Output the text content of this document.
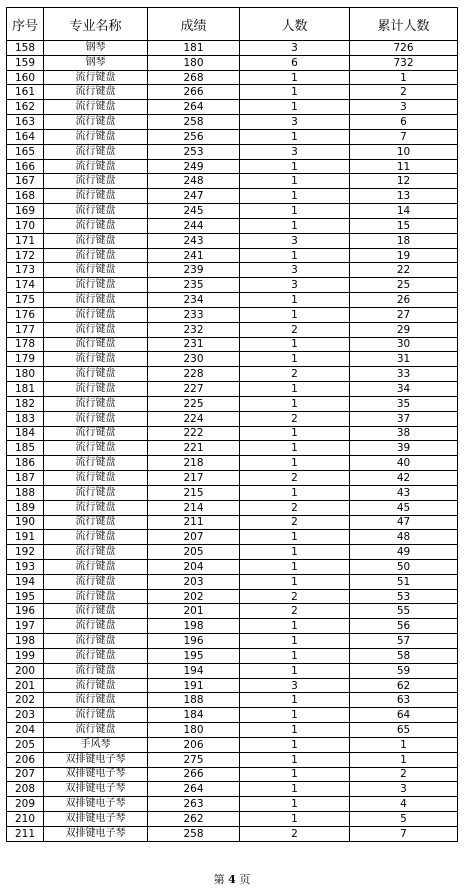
序号	专业名称	成绩	人数	累计人数
158	钢琴	181	3	726
159	钢琴	180	6	732
160	流行键盘	268	1	1
161	流行键盘	266	1	2
162	流行键盘	264	1	3
163	流行键盘	258	3	6
164	流行键盘	256	1	7
165	流行键盘	253	3	10
166	流行键盘	249	1	11
167	流行键盘	248	1	12
168	流行键盘	247	1	13
169	流行键盘	245	1	14
170	流行键盘	244	1	15
171	流行键盘	243	3	18
172	流行键盘	241	1	19
173	流行键盘	239	3	22
174	流行键盘	235	3	25
175	流行键盘	234	1	26
176	流行键盘	233	1	27
177	流行键盘	232	2	29
178	流行键盘	231	1	30
179	流行键盘	230	1	31
180	流行键盘	228	2	33
181	流行键盘	227	1	34
182	流行键盘	225	1	35
183	流行键盘	224	2	37
184	流行键盘	222	1	38
185	流行键盘	221	1	39
186	流行键盘	218	1	40
187	流行键盘	217	2	42
188	流行键盘	215	1	43
189	流行键盘	214	2	45
190	流行键盘	211	2	47
191	流行键盘	207	1	48
192	流行键盘	205	1	49
193	流行键盘	204	1	50
194	流行键盘	203	1	51
195	流行键盘	202	2	53
196	流行键盘	201	2	55
197	流行键盘	198	1	56
198	流行键盘	196	1	57
199	流行键盘	195	1	58
200	流行键盘	194	1	59
201	流行键盘	191	3	62
202	流行键盘	188	1	63
203	流行键盘	184	1	64
204	流行键盘	180	1	65
205	手风琴	206	1	1
206	双排键电子琴	275	1	1
207	双排键电子琴	266	1	2
208	双排键电子琴	264	1	3
209	双排键电子琴	263	1	4
210	双排键电子琴	262	1	5
211	双排键电子琴	258	2	7
第 4 页
